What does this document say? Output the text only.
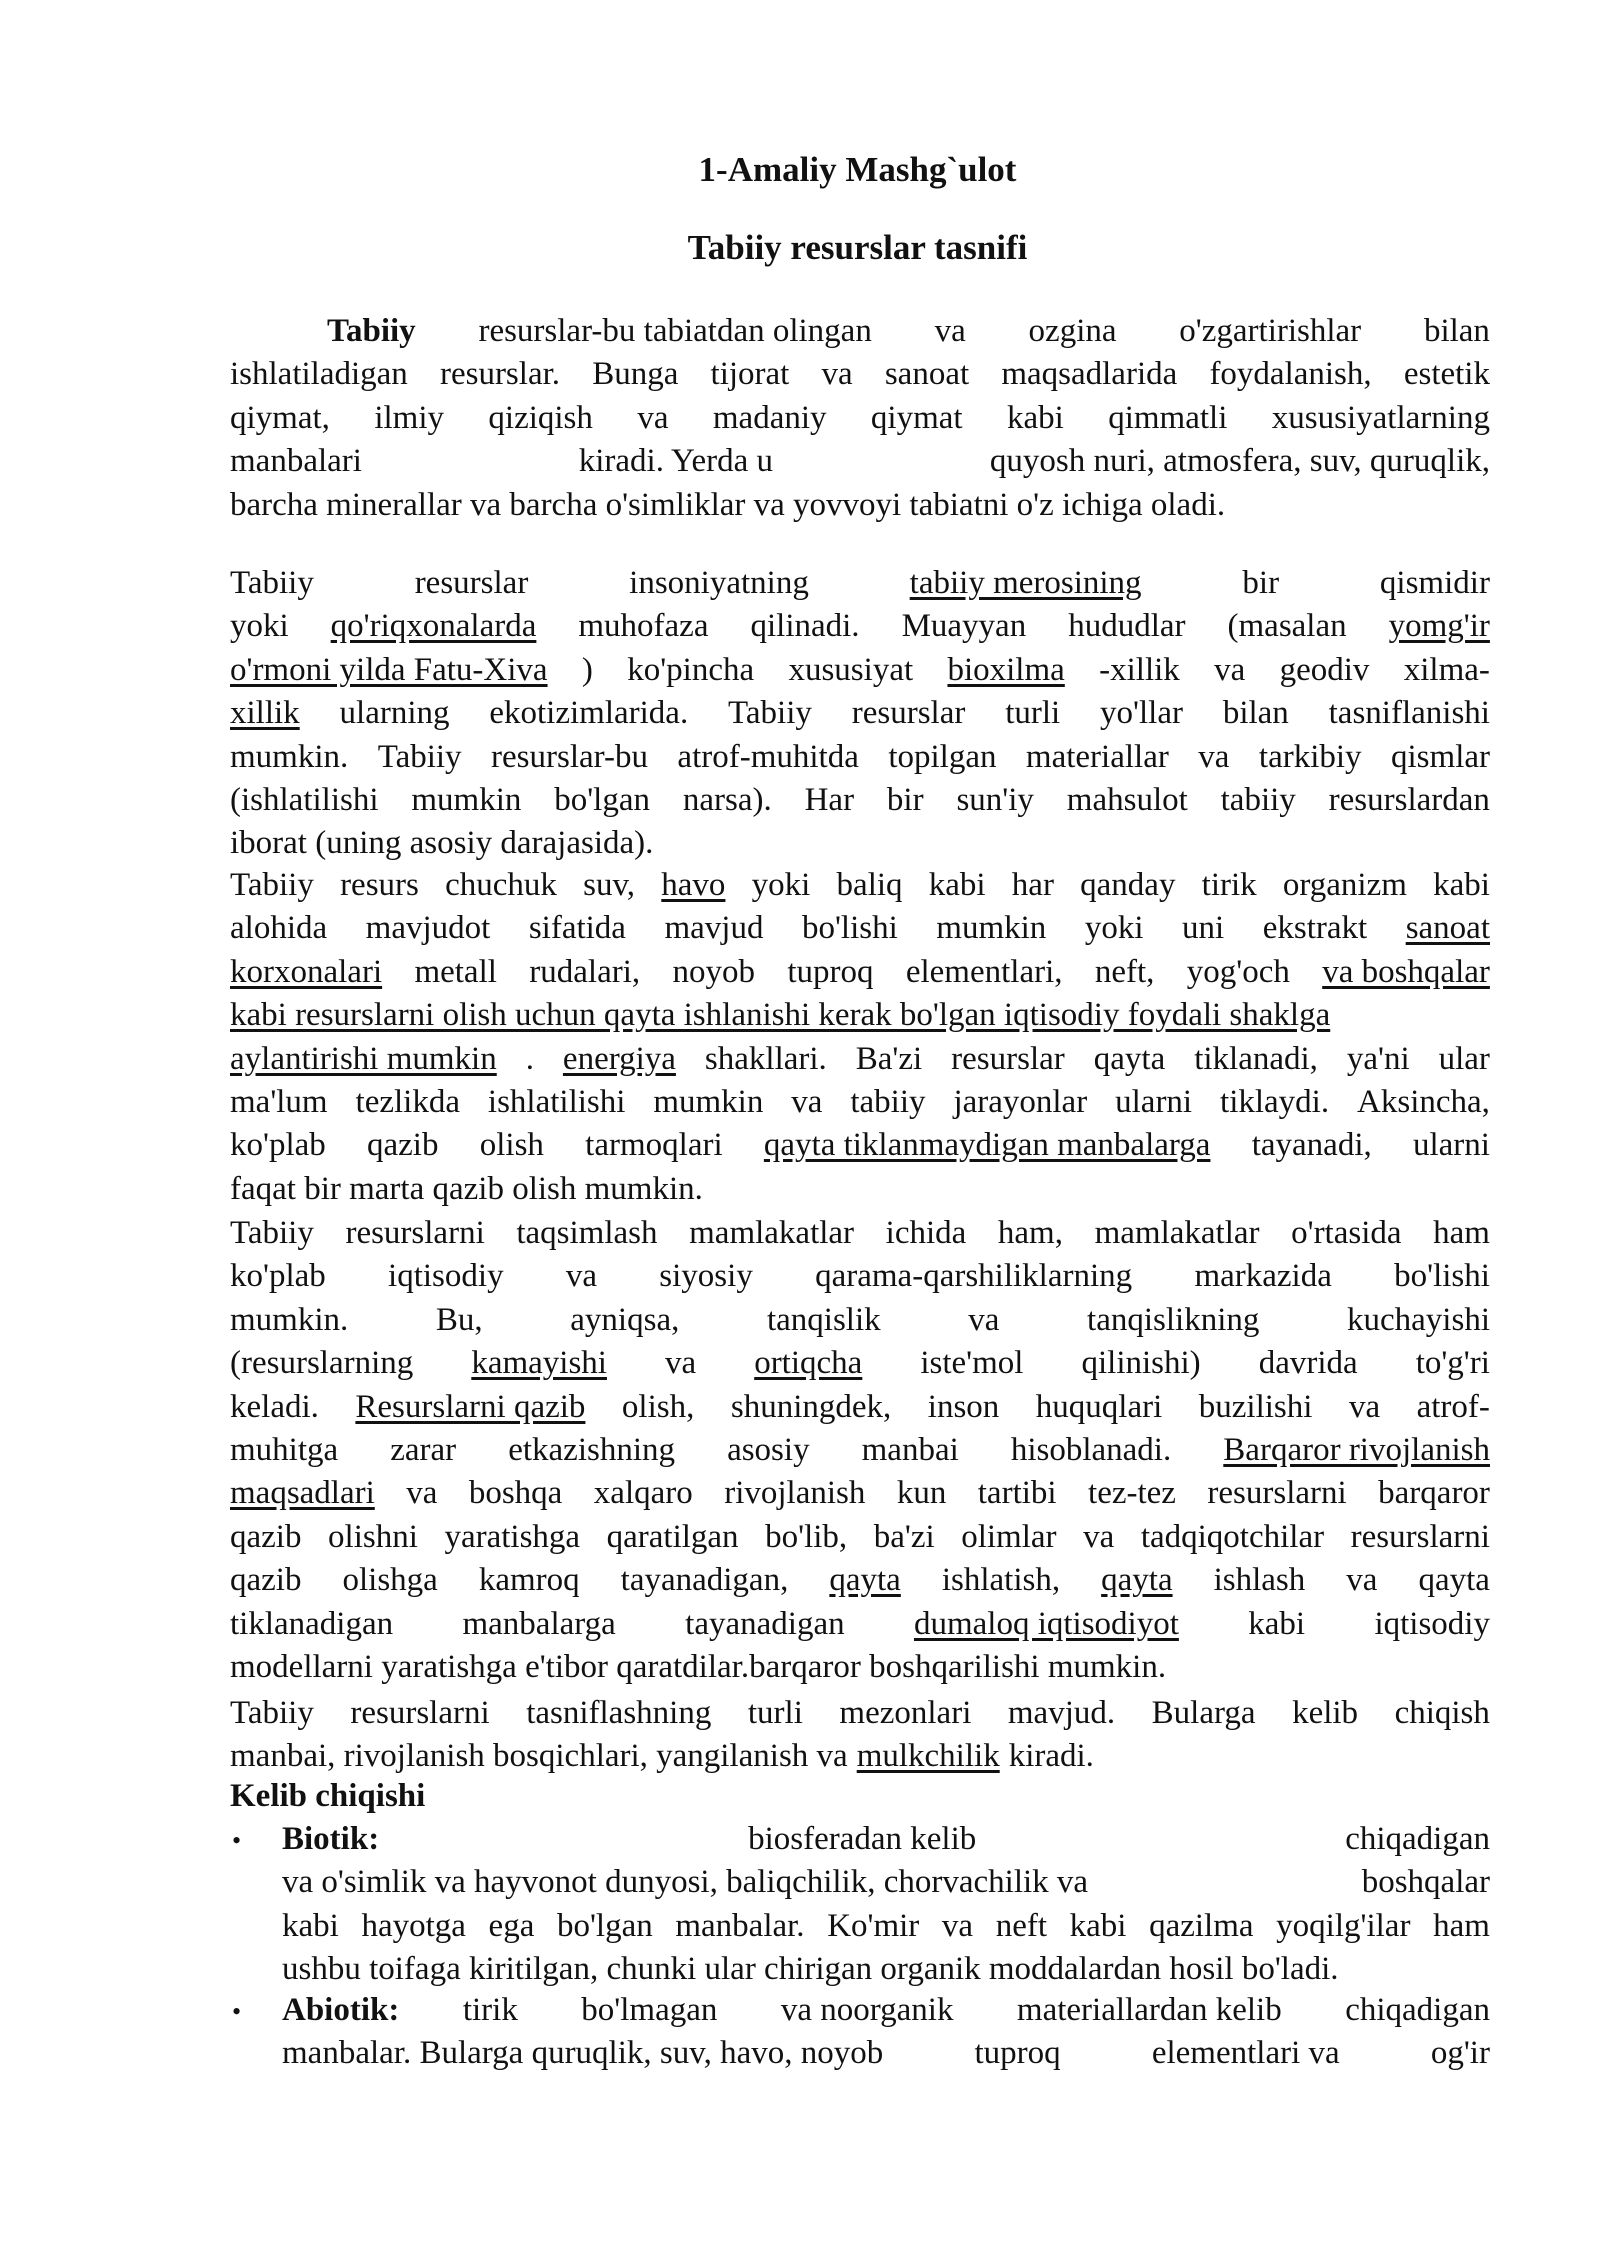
1-Amaliy Mashg`ulot
Tabiiy resurslar tasnifi
Tabiiy resurslar-bu tabiatdan olingan va ozgina o'zgartirishlar bilan
ishlatiladigan resurslar. Bunga tijorat va sanoat maqsadlarida foydalanish, estetik
qiymat, ilmiy qiziqish va madaniy qiymat kabi qimmatli xususiyatlarning
manbalari	kiradi. Yerda u	quyosh nuri, atmosfera, suv, quruqlik,
barcha minerallar va barcha o'simliklar va yovvoyi tabiatni o'z ichiga oladi.
Tabiiy	resurslar	insoniyatning	tabiiy merosining	bir	qismidir
yoki qo'riqxonalarda muhofaza qilinadi. Muayyan hududlar (masalan yomg'ir
o'rmoni yilda Fatu-Xiva ) ko'pincha xususiyat bioxilma -xillik va geodiv xilma-
xillik ularning ekotizimlarida. Tabiiy resurslar turli yo'llar bilan tasniflanishi
mumkin. Tabiiy resurslar-bu atrof-muhitda topilgan materiallar va tarkibiy qismlar
(ishlatilishi mumkin bo'lgan narsa). Har bir sun'iy mahsulot tabiiy resurslardan
iborat (uning asosiy darajasida).
Tabiiy resurs chuchuk suv, havo yoki baliq kabi har qanday tirik organizm kabi
alohida mavjudot sifatida mavjud bo'lishi mumkin yoki uni ekstrakt sanoat
korxonalari metall rudalari, noyob tuproq elementlari, neft, yog'och va boshqalar
kabi resurslarni olish uchun qayta ishlanishi kerak bo'lgan iqtisodiy foydali shaklga
aylantirishi mumkin . energiya shakllari. Ba'zi resurslar qayta tiklanadi, ya'ni ular
ma'lum tezlikda ishlatilishi mumkin va tabiiy jarayonlar ularni tiklaydi. Aksincha,
ko'plab qazib olish tarmoqlari qayta tiklanmaydigan manbalarga tayanadi, ularni
faqat bir marta qazib olish mumkin.
Tabiiy resurslarni taqsimlash mamlakatlar ichida ham, mamlakatlar o'rtasida ham
ko'plab iqtisodiy va siyosiy qarama-qarshiliklarning markazida bo'lishi
mumkin.	Bu,	ayniqsa,	tanqislik	va	tanqislikning	kuchayishi
(resurslarning kamayishi va ortiqcha iste'mol qilinishi) davrida to'g'ri
keladi. Resurslarni qazib olish, shuningdek, inson huquqlari buzilishi va atrof-
muhitga zarar etkazishning asosiy manbai hisoblanadi. Barqaror rivojlanish
maqsadlari va boshqa xalqaro rivojlanish kun tartibi tez-tez resurslarni barqaror
qazib olishni yaratishga qaratilgan bo'lib, ba'zi olimlar va tadqiqotchilar resurslarni
qazib olishga kamroq tayanadigan, qayta ishlatish, qayta ishlash va qayta
tiklanadigan manbalarga tayanadigan dumaloq iqtisodiyot kabi iqtisodiy
modellarni yaratishga e'tibor qaratdilar.barqaror boshqarilishi mumkin.
Tabiiy resurslarni tasniflashning turli mezonlari mavjud. Bularga kelib chiqish
manbai, rivojlanish bosqichlari, yangilanish va mulkchilik kiradi.
Kelib chiqishi
• Biotik:	biosferadan kelib	chiqadigan
va o'simlik va hayvonot dunyosi, baliqchilik, chorvachilik va	boshqalar
kabi hayotga ega bo'lgan manbalar. Ko'mir va neft kabi qazilma yoqilg'ilar ham
ushbu toifaga kiritilgan, chunki ular chirigan organik moddalardan hosil bo'ladi.
• Abiotik: tirik bo'lmagan va noorganik materiallardan kelib chiqadigan
manbalar. Bularga quruqlik, suv, havo, noyob	tuproq	elementlari va	og'ir
